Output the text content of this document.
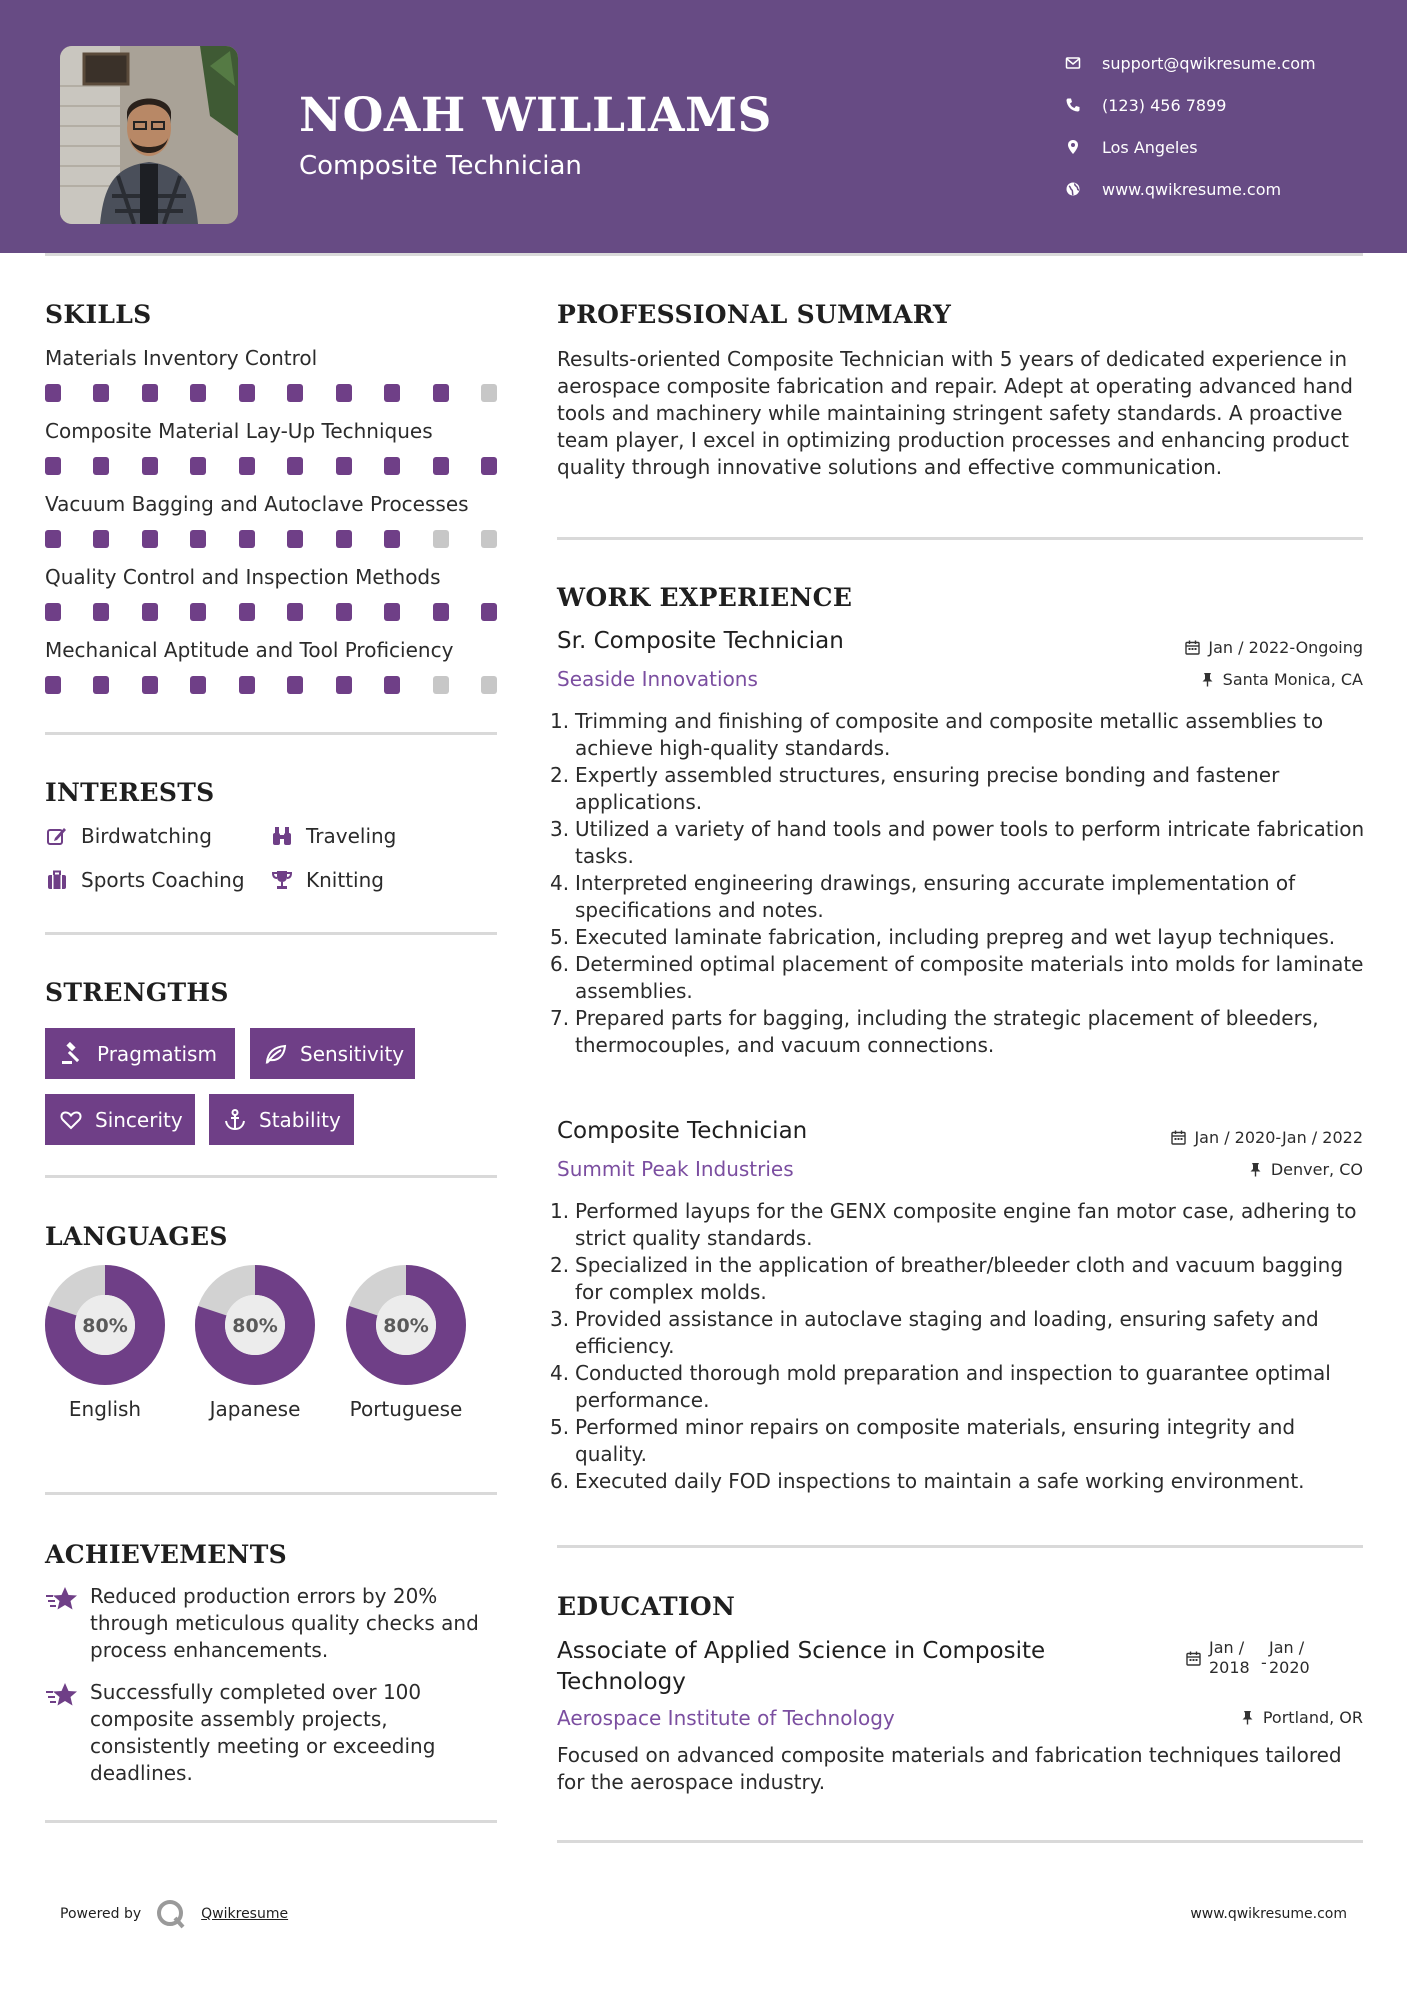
NOAH WILLIAMS
Composite Technician
support@qwikresume.com
(123) 456 7899
Los Angeles
www.qwikresume.com
SKILLS
Materials Inventory Control
Composite Material Lay-Up Techniques
Vacuum Bagging and Autoclave Processes
Quality Control and Inspection Methods
Mechanical Aptitude and Tool Proficiency
INTERESTS
Birdwatching	Traveling
Sports Coaching	Knitting
STRENGTHS
Pragmatism	Sensitivity
Sincerity	Stability
LANGUAGES
80%
English
80%
Japanese
80%
Portuguese
ACHIEVEMENTS
Reduced production errors by 20% through meticulous quality checks and process enhancements.
Successfully completed over 100 composite assembly projects, consistently meeting or exceeding deadlines.
PROFESSIONAL SUMMARY
Results-oriented Composite Technician with 5 years of dedicated experience in aerospace composite fabrication and repair. Adept at operating advanced hand tools and machinery while maintaining stringent safety standards. A proactive team player, I excel in optimizing production processes and enhancing product quality through innovative solutions and effective communication.
WORK EXPERIENCE
Sr. Composite Technician	Jan / 2022-Ongoing
Seaside Innovations	Santa Monica, CA
1. Trimming and finishing of composite and composite metallic assemblies to achieve high-quality standards.
2. Expertly assembled structures, ensuring precise bonding and fastener applications.
3. Utilized a variety of hand tools and power tools to perform intricate fabrication tasks.
4. Interpreted engineering drawings, ensuring accurate implementation of specifications and notes.
5. Executed laminate fabrication, including prepreg and wet layup techniques.
6. Determined optimal placement of composite materials into molds for laminate assemblies.
7. Prepared parts for bagging, including the strategic placement of bleeders, thermocouples, and vacuum connections.
Composite Technician	Jan / 2020-Jan / 2022
Summit Peak Industries	Denver, CO
1. Performed layups for the GENX composite engine fan motor case, adhering to strict quality standards.
2. Specialized in the application of breather/bleeder cloth and vacuum bagging for complex molds.
3. Provided assistance in autoclave staging and loading, ensuring safety and efficiency.
4. Conducted thorough mold preparation and inspection to guarantee optimal performance.
5. Performed minor repairs on composite materials, ensuring integrity and quality.
6. Executed daily FOD inspections to maintain a safe working environment.
EDUCATION
Associate of Applied Science in Composite Technology
Jan /
2018 -
Jan /
2020
Aerospace Institute of Technology	Portland, OR
Focused on advanced composite materials and fabrication techniques tailored for the aerospace industry.
Powered by	Qwikresume	www.qwikresume.com
